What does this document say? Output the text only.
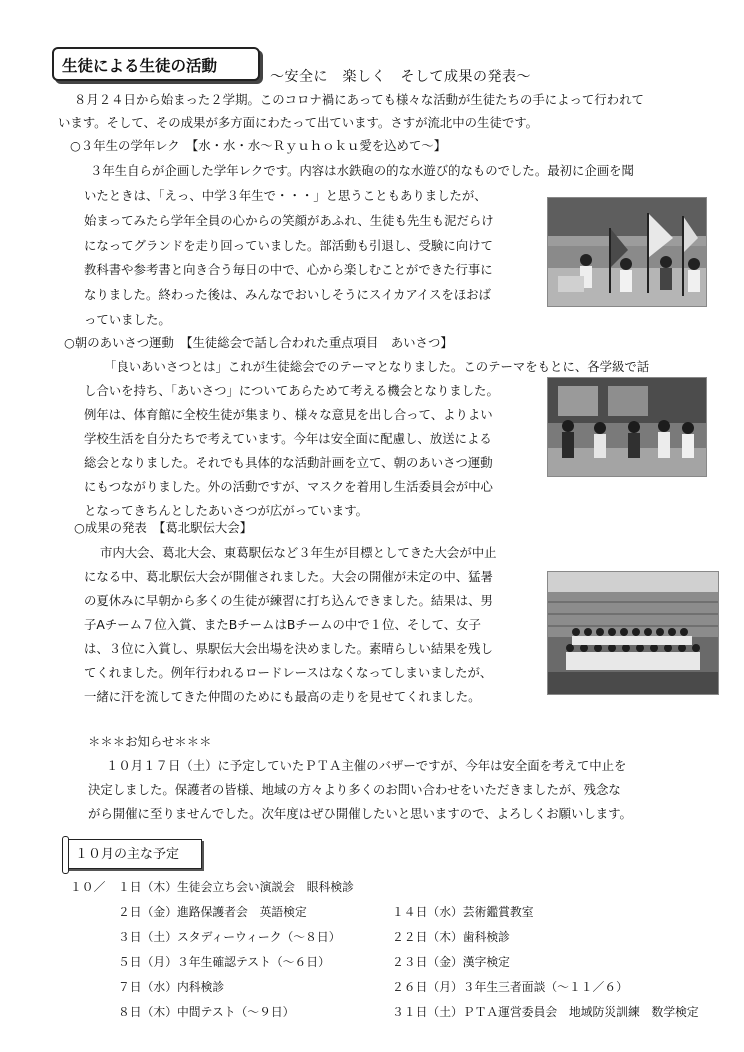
生徒による生徒の活動
〜安全に　楽しく　そして成果の発表〜
８月２４日から始まった２学期。このコロナ禍にあっても様々な活動が生徒たちの手によって行われて
います。そして、その成果が多方面にわたって出ています。さすが流北中の生徒です。
○３年生の学年レク　【水・水・水〜Ｒｙｕｈｏｋｕ愛を込めて〜】
３年生自らが企画した学年レクです。内容は水鉄砲の的な水遊び的なものでした。最初に企画を聞
いたときは、「えっ、中学３年生で・・・」と思うこともありましたが、
始まってみたら学年全員の心からの笑顔があふれ、生徒も先生も泥だらけ
になってグランドを走り回っていました。部活動も引退し、受験に向けて
教科書や参考書と向き合う毎日の中で、心から楽しむことができた行事に
なりました。終わった後は、みんなでおいしそうにスイカアイスをほおば
っていました。
○朝のあいさつ運動　【生徒総会で話し合われた重点項目　あいさつ】
「良いあいさつとは」これが生徒総会でのテーマとなりました。このテーマをもとに、各学級で話
し合いを持ち、「あいさつ」についてあらためて考える機会となりました。
例年は、体育館に全校生徒が集まり、様々な意見を出し合って、よりよい
学校生活を自分たちで考えています。今年は安全面に配慮し、放送による
総会となりました。それでも具体的な活動計画を立て、朝のあいさつ運動
にもつながりました。外の活動ですが、マスクを着用し生活委員会が中心
となってきちんとしたあいさつが広がっています。
○成果の発表　【葛北駅伝大会】
市内大会、葛北大会、東葛駅伝など３年生が目標としてきた大会が中止
になる中、葛北駅伝大会が開催されました。大会の開催が未定の中、猛暑
の夏休みに早朝から多くの生徒が練習に打ち込んできました。結果は、男
子Aチーム７位入賞、またBチームはBチームの中で１位、そして、女子
は、３位に入賞し、県駅伝大会出場を決めました。素晴らしい結果を残し
てくれました。例年行われるロードレースはなくなってしまいましたが、
一緒に汗を流してきた仲間のためにも最高の走りを見せてくれました。
＊＊＊お知らせ＊＊＊
１０月１７日（土）に予定していたＰＴＡ主催のバザーですが、今年は安全面を考えて中止を
決定しました。保護者の皆様、地域の方々より多くのお問い合わせをいただきましたが、残念な
がら開催に至りませんでした。次年度はぜひ開催したいと思いますので、よろしくお願いします。
１０月の主な予定
１０／ １日（木）生徒会立ち会い演説会　眼科検診
２日（金）進路保護者会　英語検定
３日（土）スタディーウィーク（〜８日）
５日（月）３年生確認テスト（〜６日）
７日（水）内科検診
８日（木）中間テスト（〜９日）
１４日（水）芸術鑑賞教室
２２日（木）歯科検診
２３日（金）漢字検定
２６日（月）３年生三者面談（〜１１／６）
３１日（土）ＰＴＡ運営委員会　地域防災訓練　数学検定
